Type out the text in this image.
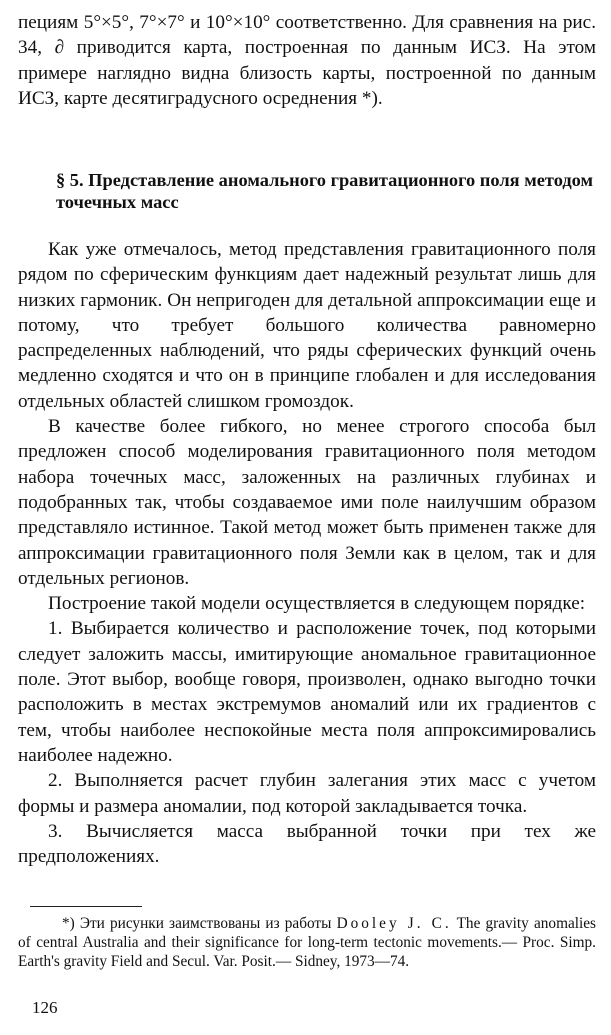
пециям 5°×5°, 7°×7° и 10°×10° соответственно. Для сравнения на рис. 34, ∂ приводится карта, построенная по данным ИСЗ. На этом примере наглядно видна близость карты, построенной по данным ИСЗ, карте десятиградусного осреднения *).

§ 5. Представление аномального гравитационного поля методом точечных масс

Как уже отмечалось, метод представления гравитационного поля рядом по сферическим функциям дает надежный результат лишь для низких гармоник. Он непригоден для детальной аппроксимации еще и потому, что требует большого количества равномерно распределенных наблюдений, что ряды сферических функций очень медленно сходятся и что он в принципе глобален и для исследования отдельных областей слишком громоздок.

В качестве более гибкого, но менее строгого способа был предложен способ моделирования гравитационного поля методом набора точечных масс, заложенных на различных глубинах и подобранных так, чтобы создаваемое ими поле наилучшим образом представляло истинное. Такой метод может быть применен также для аппроксимации гравитационного поля Земли как в целом, так и для отдельных регионов.

Построение такой модели осуществляется в следующем порядке:

1. Выбирается количество и расположение точек, под которыми следует заложить массы, имитирующие аномальное гравитационное поле. Этот выбор, вообще говоря, произволен, однако выгодно точки расположить в местах экстремумов аномалий или их градиентов с тем, чтобы наиболее неспокойные места поля аппроксимировались наиболее надежно.

2. Выполняется расчет глубин залегания этих масс с учетом формы и размера аномалии, под которой закладывается точка.

3. Вычисляется масса выбранной точки при тех же предположениях.

*) Эти рисунки заимствованы из работы Dooley J. C. The gravity anomalies of central Australia and their significance for long-term tectonic movements.— Proc. Simp. Earth's gravity Field and Secul. Var. Posit.— Sidney, 1973—74.

126
